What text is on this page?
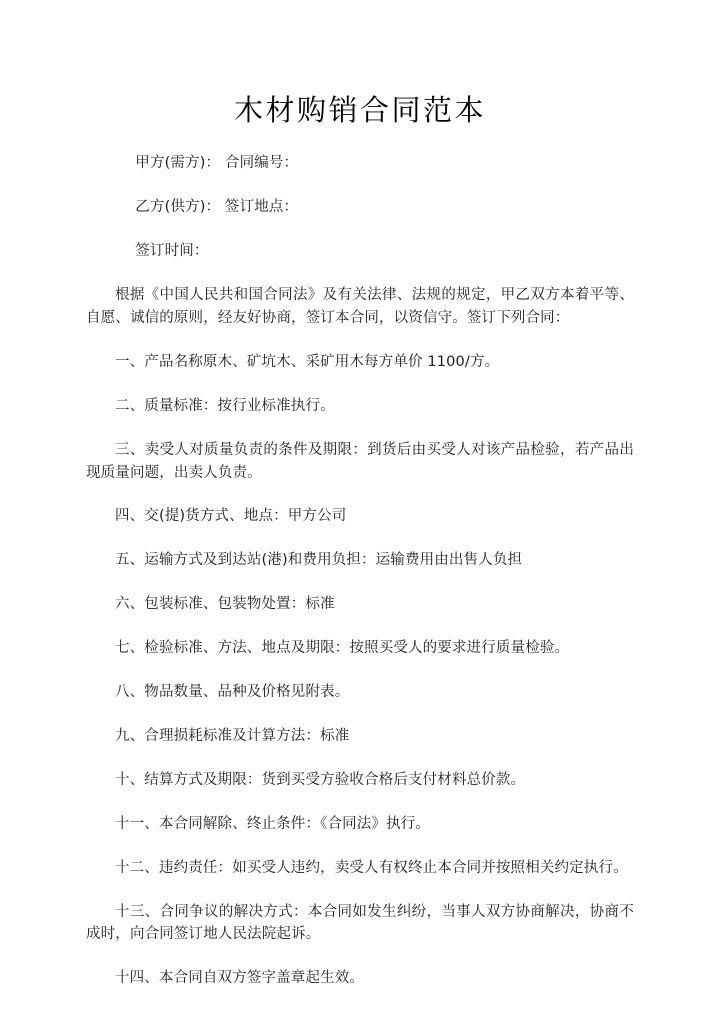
木材购销合同范本

甲方(需方)： 合同编号：

乙方(供方)： 签订地点：

签订时间：

根据《中国人民共和国合同法》及有关法律、法规的规定，甲乙双方本着平等、自愿、诚信的原则，经友好协商，签订本合同，以资信守。签订下列合同：

一、产品名称原木、矿坑木、采矿用木每方单价 1100/方。

二、质量标准：按行业标准执行。

三、卖受人对质量负责的条件及期限：到货后由买受人对该产品检验，若产品出现质量问题，出卖人负责。

四、交(提)货方式、地点：甲方公司

五、运输方式及到达站(港)和费用负担：运输费用由出售人负担

六、包装标准、包装物处置：标准

七、检验标准、方法、地点及期限：按照买受人的要求进行质量检验。

八、物品数量、品种及价格见附表。

九、合理损耗标准及计算方法：标准

十、结算方式及期限：货到买受方验收合格后支付材料总价款。

十一、本合同解除、终止条件：《合同法》执行。

十二、违约责任：如买受人违约，卖受人有权终止本合同并按照相关约定执行。

十三、合同争议的解决方式：本合同如发生纠纷，当事人双方协商解决，协商不成时，向合同签订地人民法院起诉。

十四、本合同自双方签字盖章起生效。
